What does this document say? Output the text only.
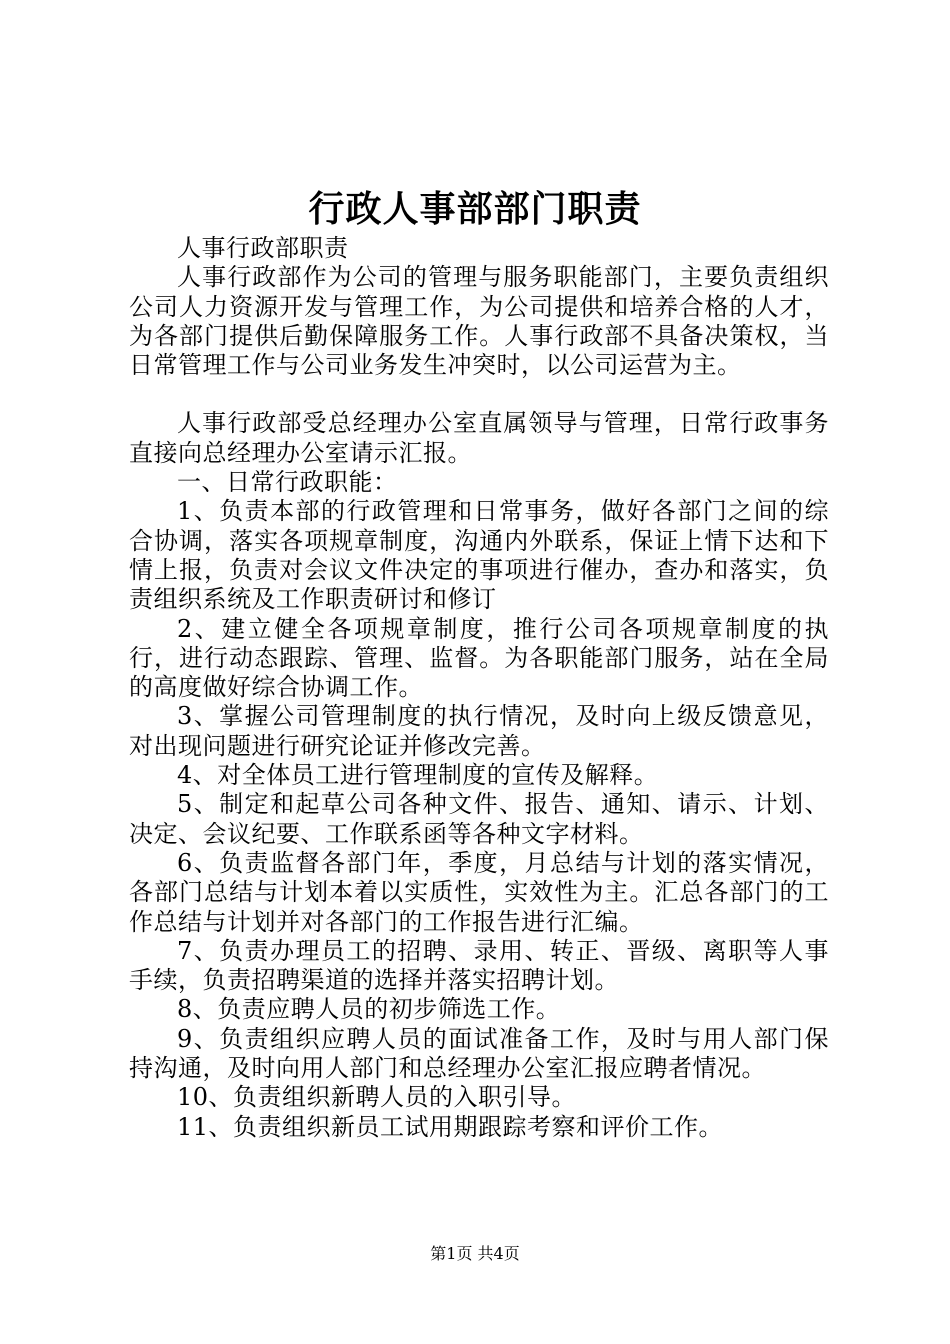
行政人事部部门职责

人事行政部职责

人事行政部作为公司的管理与服务职能部门，主要负责组织公司人力资源开发与管理工作，为公司提供和培养合格的人才，为各部门提供后勤保障服务工作。人事行政部不具备决策权，当日常管理工作与公司业务发生冲突时，以公司运营为主。

人事行政部受总经理办公室直属领导与管理，日常行政事务直接向总经理办公室请示汇报。

一、日常行政职能：

1、负责本部的行政管理和日常事务，做好各部门之间的综合协调，落实各项规章制度，沟通内外联系，保证上情下达和下情上报，负责对会议文件决定的事项进行催办，查办和落实，负责组织系统及工作职责研讨和修订

2、建立健全各项规章制度，推行公司各项规章制度的执行，进行动态跟踪、管理、监督。为各职能部门服务，站在全局的高度做好综合协调工作。

3、掌握公司管理制度的执行情况，及时向上级反馈意见，对出现问题进行研究论证并修改完善。

4、对全体员工进行管理制度的宣传及解释。

5、制定和起草公司各种文件、报告、通知、请示、计划、决定、会议纪要、工作联系函等各种文字材料。

6、负责监督各部门年，季度，月总结与计划的落实情况，各部门总结与计划本着以实质性，实效性为主。汇总各部门的工作总结与计划并对各部门的工作报告进行汇编。

7、负责办理员工的招聘、录用、转正、晋级、离职等人事手续，负责招聘渠道的选择并落实招聘计划。

8、负责应聘人员的初步筛选工作。

9、负责组织应聘人员的面试准备工作，及时与用人部门保持沟通，及时向用人部门和总经理办公室汇报应聘者情况。

10、负责组织新聘人员的入职引导。

11、负责组织新员工试用期跟踪考察和评价工作。

第1页 共4页
